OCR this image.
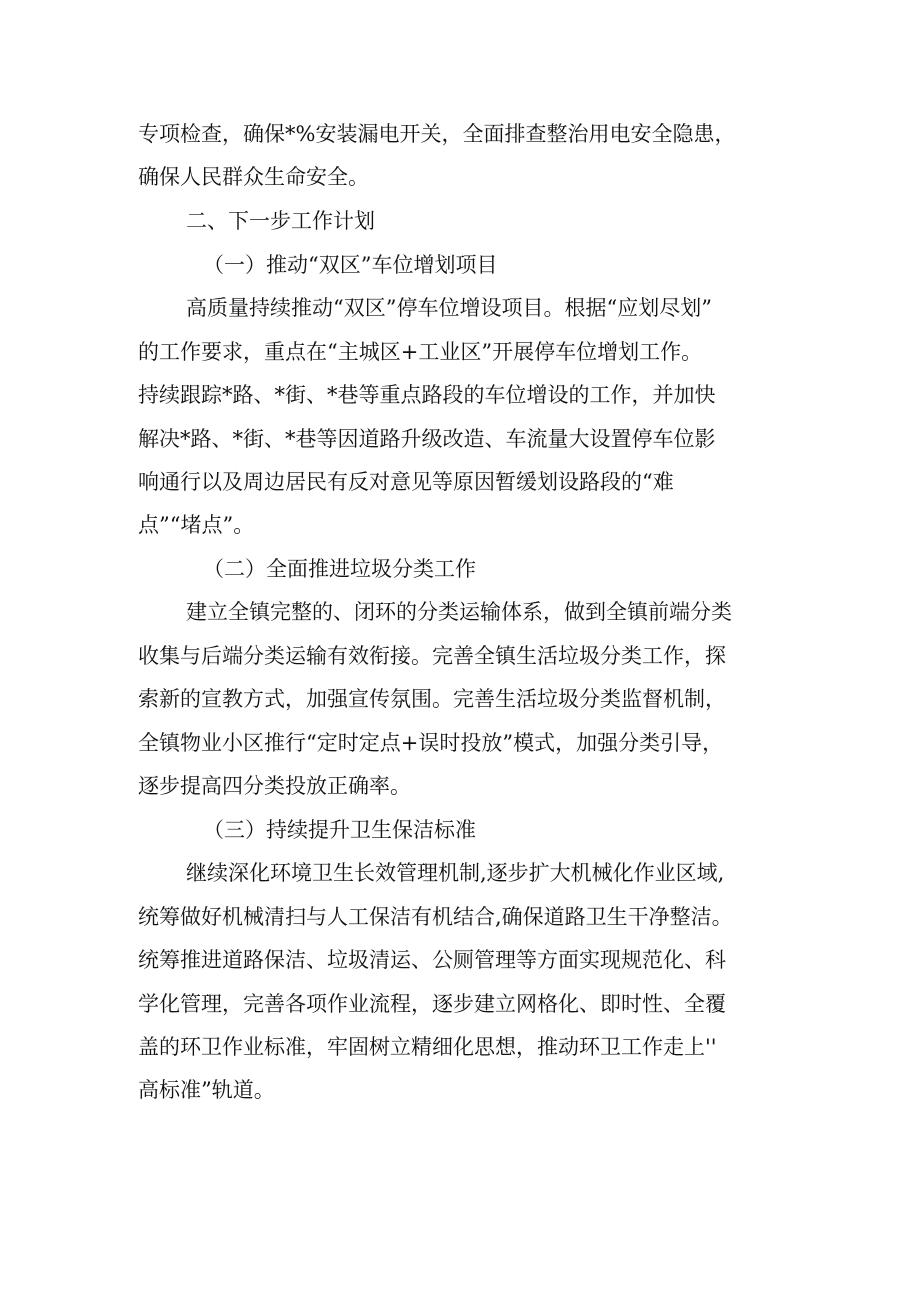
专项检查，确保*%安装漏电开关，全面排查整治用电安全隐患，
确保人民群众生命安全。
二、下一步工作计划
（一）推动“双区”车位增划项目
高质量持续推动“双区”停车位增设项目。根据“应划尽划”
的工作要求，重点在“主城区+工业区”开展停车位增划工作。
持续跟踪*路、*街、*巷等重点路段的车位增设的工作，并加快
解决*路、*街、*巷等因道路升级改造、车流量大设置停车位影
响通行以及周边居民有反对意见等原因暂缓划设路段的“难
点”“堵点”。
（二）全面推进垃圾分类工作
建立全镇完整的、闭环的分类运输体系，做到全镇前端分类
收集与后端分类运输有效衔接。完善全镇生活垃圾分类工作，探
索新的宣教方式，加强宣传氛围。完善生活垃圾分类监督机制，
全镇物业小区推行“定时定点+误时投放”模式，加强分类引导，
逐步提高四分类投放正确率。
（三）持续提升卫生保洁标准
继续深化环境卫生长效管理机制,逐步扩大机械化作业区域,
统筹做好机械清扫与人工保洁有机结合,确保道路卫生干净整洁。
统筹推进道路保洁、垃圾清运、公厕管理等方面实现规范化、科
学化管理，完善各项作业流程，逐步建立网格化、即时性、全覆
盖的环卫作业标准，牢固树立精细化思想，推动环卫工作走上''
高标准”轨道。
